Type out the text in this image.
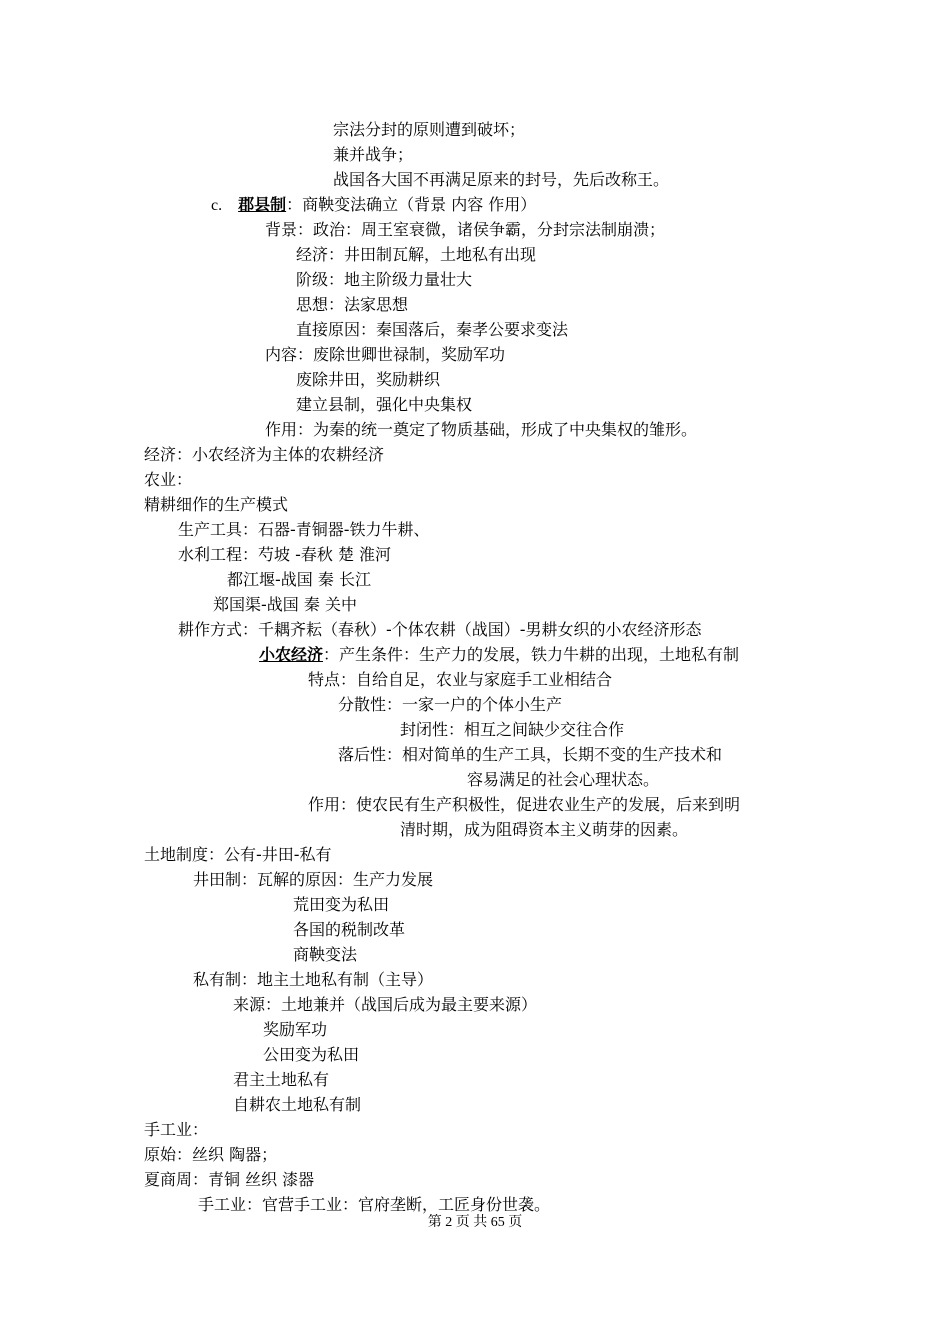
宗法分封的原则遭到破坏；
兼并战争；
战国各大国不再满足原来的封号，先后改称王。
c. 郡县制：商鞅变法确立（背景 内容 作用）
背景：政治：周王室衰微，诸侯争霸，分封宗法制崩溃；
经济：井田制瓦解，土地私有出现
阶级：地主阶级力量壮大
思想：法家思想
直接原因：秦国落后，秦孝公要求变法
内容：废除世卿世禄制，奖励军功
废除井田，奖励耕织
建立县制，强化中央集权
作用：为秦的统一奠定了物质基础，形成了中央集权的雏形。
经济：小农经济为主体的农耕经济
农业：
精耕细作的生产模式
生产工具：石器-青铜器-铁力牛耕、
水利工程：芍坡 -春秋 楚 淮河
都江堰-战国 秦 长江
郑国渠-战国 秦 关中
耕作方式：千耦齐耘（春秋）-个体农耕（战国）-男耕女织的小农经济形态
小农经济：产生条件：生产力的发展，铁力牛耕的出现，土地私有制
特点：自给自足，农业与家庭手工业相结合
分散性：一家一户的个体小生产
封闭性：相互之间缺少交往合作
落后性：相对简单的生产工具，长期不变的生产技术和
容易满足的社会心理状态。
作用：使农民有生产积极性，促进农业生产的发展，后来到明
清时期，成为阻碍资本主义萌芽的因素。
土地制度：公有-井田-私有
井田制：瓦解的原因：生产力发展
荒田变为私田
各国的税制改革
商鞅变法
私有制：地主土地私有制（主导）
来源：土地兼并（战国后成为最主要来源）
奖励军功
公田变为私田
君主土地私有
自耕农土地私有制
手工业：
原始：丝织 陶器；
夏商周：青铜 丝织 漆器
手工业：官营手工业：官府垄断，工匠身份世袭。
第 2 页 共 65 页
